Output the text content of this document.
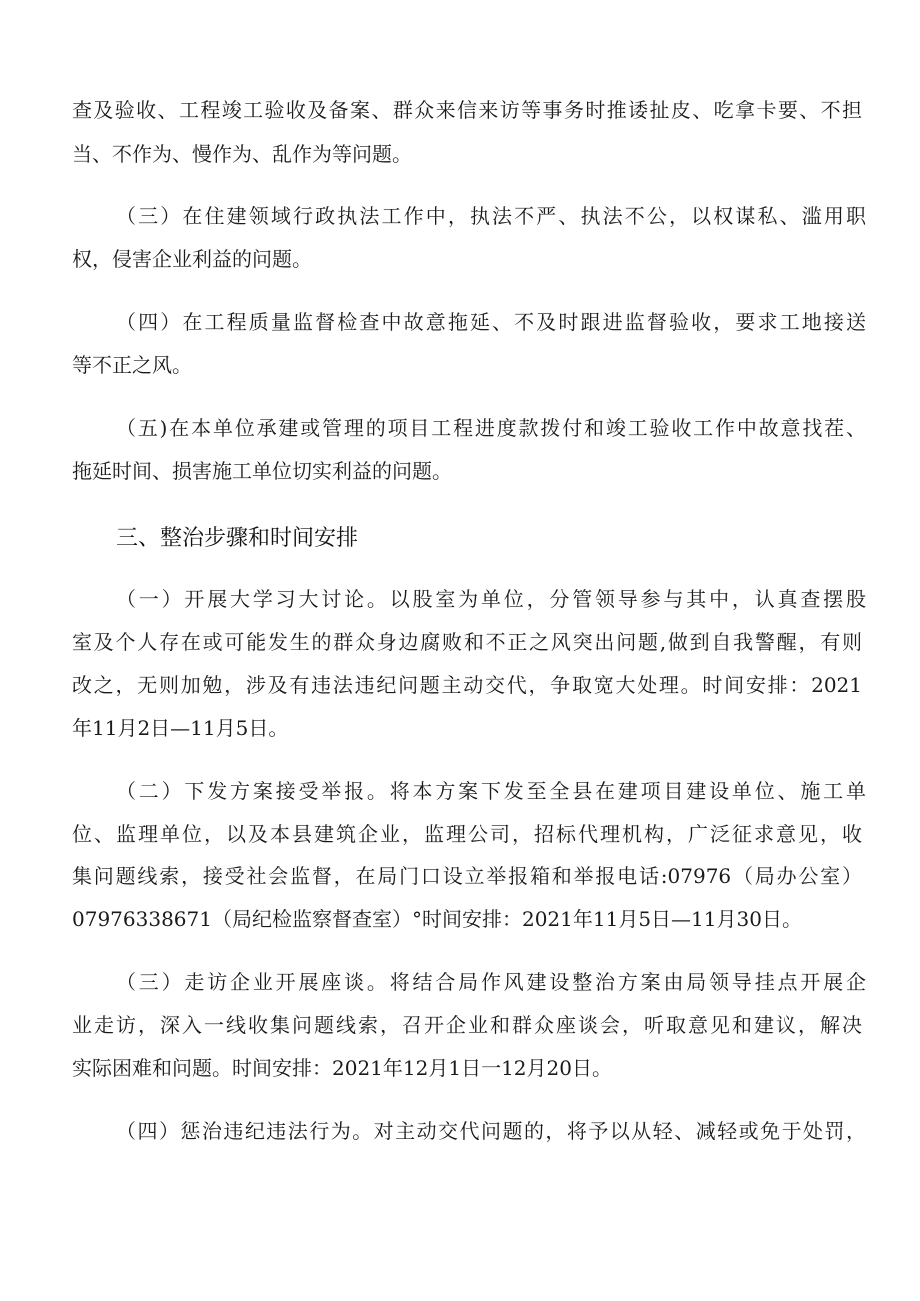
查及验收、工程竣工验收及备案、群众来信来访等事务时推诿扯皮、吃拿卡要、不担
当、不作为、慢作为、乱作为等问题。
（三）在住建领域行政执法工作中，执法不严、执法不公，以权谋私、滥用职
权，侵害企业利益的问题。
（四）在工程质量监督检查中故意拖延、不及时跟进监督验收，要求工地接送
等不正之风。
（五)在本单位承建或管理的项目工程进度款拨付和竣工验收工作中故意找茬、
拖延时间、损害施工单位切实利益的问题。
三、整治步骤和时间安排
（一）开展大学习大讨论。以股室为单位，分管领导参与其中，认真查摆股
室及个人存在或可能发生的群众身边腐败和不正之风突出问题,做到自我警醒，有则
改之，无则加勉，涉及有违法违纪问题主动交代，争取宽大处理。时间安排：2021
年11月2日—11月5日。
（二）下发方案接受举报。将本方案下发至全县在建项目建设单位、施工单
位、监理单位，以及本县建筑企业，监理公司，招标代理机构，广泛征求意见，收
集问题线索，接受社会监督，在局门口设立举报箱和举报电话:07976（局办公室）
07976338671（局纪检监察督查室）°时间安排：2021年11月5日—11月30日。
（三）走访企业开展座谈。将结合局作风建设整治方案由局领导挂点开展企
业走访，深入一线收集问题线索，召开企业和群众座谈会，听取意见和建议，解决
实际困难和问题。时间安排：2021年12月1日一12月20日。
（四）惩治违纪违法行为。对主动交代问题的，将予以从轻、减轻或免于处罚，
